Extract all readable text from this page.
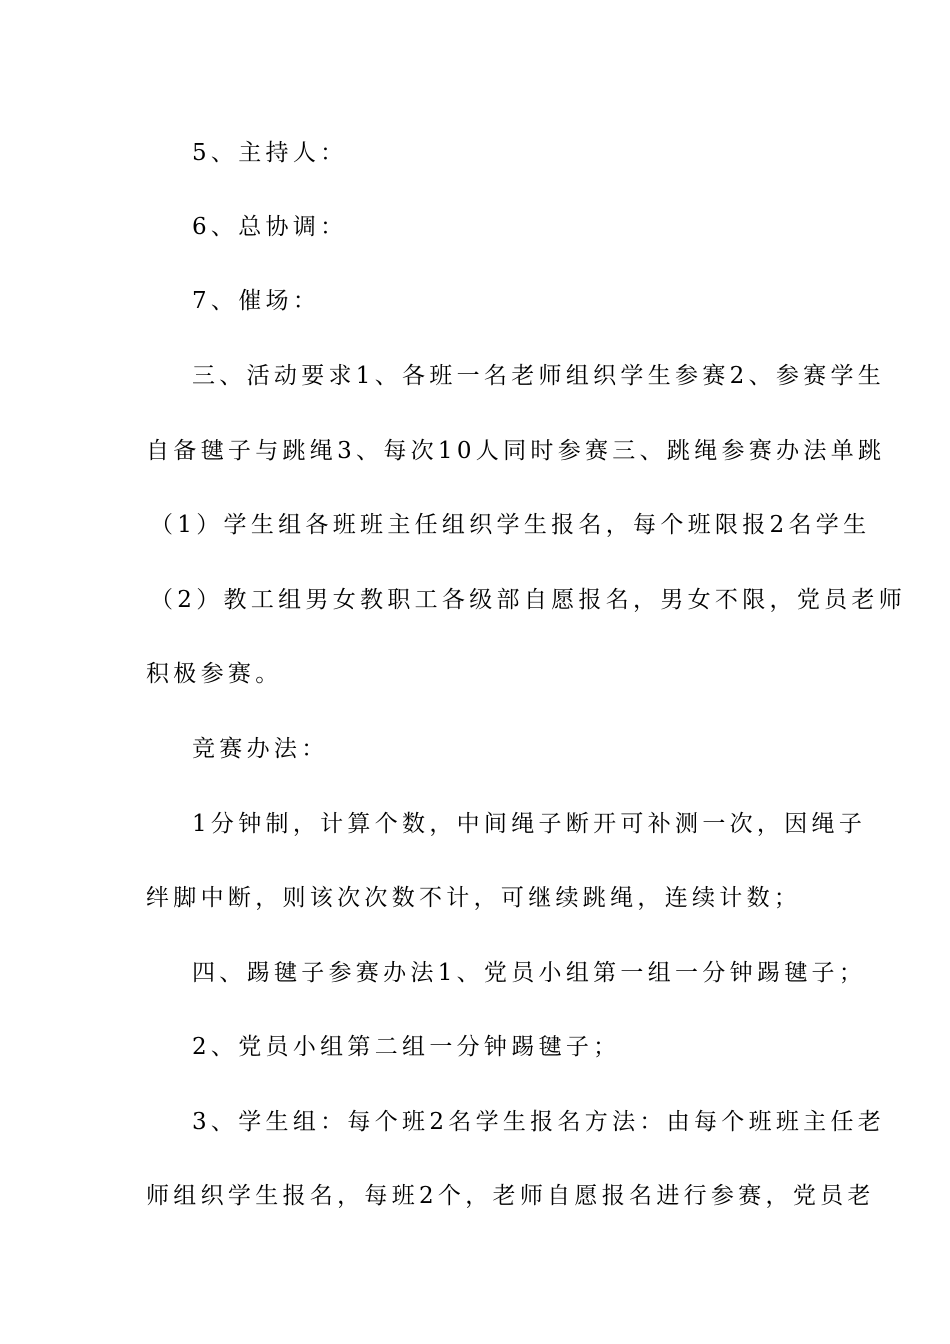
5、主持人：
6、总协调：
7、催场：
三、活动要求1、各班一名老师组织学生参赛2、参赛学生
自备毽子与跳绳3、每次10人同时参赛三、跳绳参赛办法单跳
（1）学生组各班班主任组织学生报名，每个班限报2名学生
（2）教工组男女教职工各级部自愿报名，男女不限，党员老师
积极参赛。
竞赛办法：
1分钟制，计算个数，中间绳子断开可补测一次，因绳子
绊脚中断，则该次次数不计，可继续跳绳，连续计数；
四、踢毽子参赛办法1、党员小组第一组一分钟踢毽子；
2、党员小组第二组一分钟踢毽子；
3、学生组：每个班2名学生报名方法：由每个班班主任老
师组织学生报名，每班2个，老师自愿报名进行参赛，党员老
